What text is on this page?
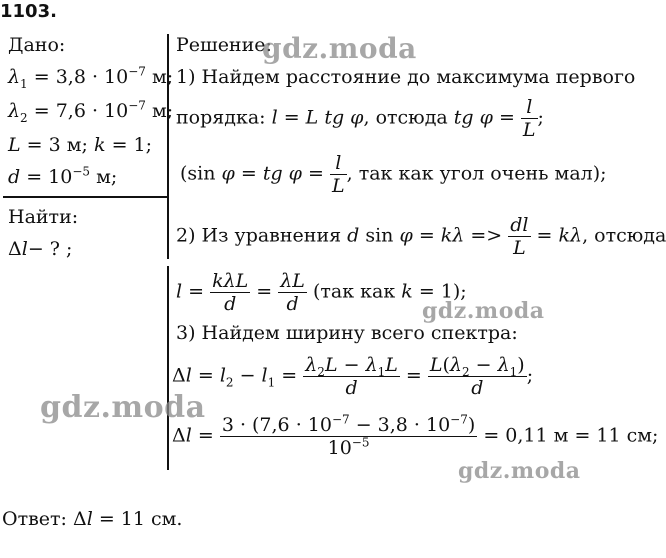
1103.
Дано:
$\lambda_1 = 3,8 \cdot 10^{-7}$ м;
$\lambda_2 = 7,6 \cdot 10^{-7}$ м;
L = 3 м; k = 1;
$d = 10^{-5}$ м;
Найти:
Δl− ? ;
Решение:
1) Найдем расстояние до максимума первого
порядка: l = L tg φ, отсюда tg $\varphi = \frac{l}{L}$ ;
(sin φ = tg $\varphi = \frac{l}{L}$ , так как угол очень мал);
2) Из уравнения d $\sin \varphi = k\lambda => \frac{dl}{L} = k\lambda$, отсюда
$l = \frac{\text{kλL}}{d} = \frac{\lambda L}{d} (так$ как k = 1);
3) Найдем ширину всего спектра:
$\Delta l = l_2 - l_1 = \frac{\lambda_2L - \lambda_1L}{d} = \frac{L(\lambda_2 - \lambda_1)}{d}$ ;
$\Delta l = \frac{3 \cdot (7,6 \cdot 10^{-7} - 3,8 \cdot 10^{-7})}{10^{-5}} = 0,11$ м = 11 см;
Ответ: Δl = 11 см.
gdz.moda
gdz.moda
gdz.moda
gdz.moda
